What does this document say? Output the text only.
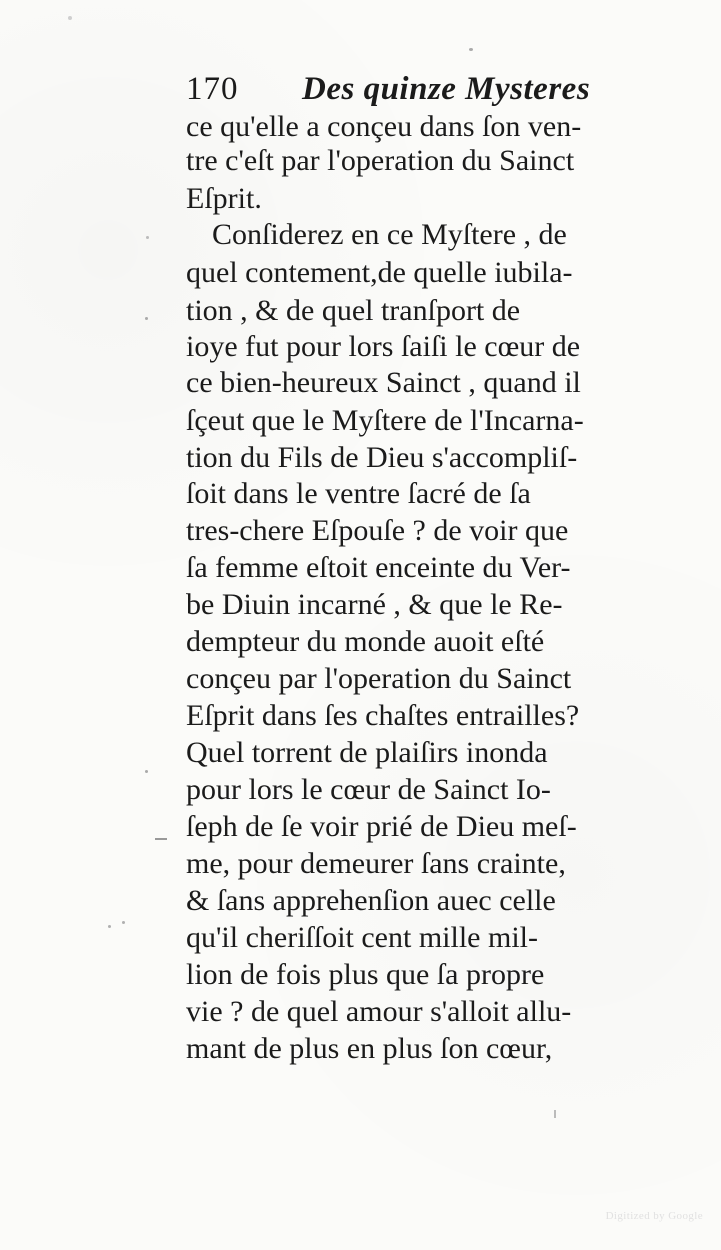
170 Des quinze Mysteres
ce qu'elle a conçeu dans ſon ven-
tre c'eſt par l'operation du Sainct
Eſprit.
Conſiderez en ce Myſtere , de
quel contement,de quelle iubila-
tion , & de quel tranſport de
ioye fut pour lors ſaiſi le cœur de
ce bien-heureux Sainct , quand il
ſçeut que le Myſtere de l'Incarna-
tion du Fils de Dieu s'accompliſ-
ſoit dans le ventre ſacré de ſa
tres-chere Eſpouſe ? de voir que
ſa femme eſtoit enceinte du Ver-
be Diuin incarné , & que le Re-
dempteur du monde auoit eſté
conçeu par l'operation du Sainct
Eſprit dans ſes chaſtes entrailles?
Quel torrent de plaiſirs inonda
pour lors le cœur de Sainct Io-
ſeph de ſe voir prié de Dieu meſ-
me, pour demeurer ſans crainte,
& ſans apprehenſion auec celle
qu'il cheriſſoit cent mille mil-
lion de fois plus que ſa propre
vie ? de quel amour s'alloit allu-
mant de plus en plus ſon cœur,
Digitized by Google
